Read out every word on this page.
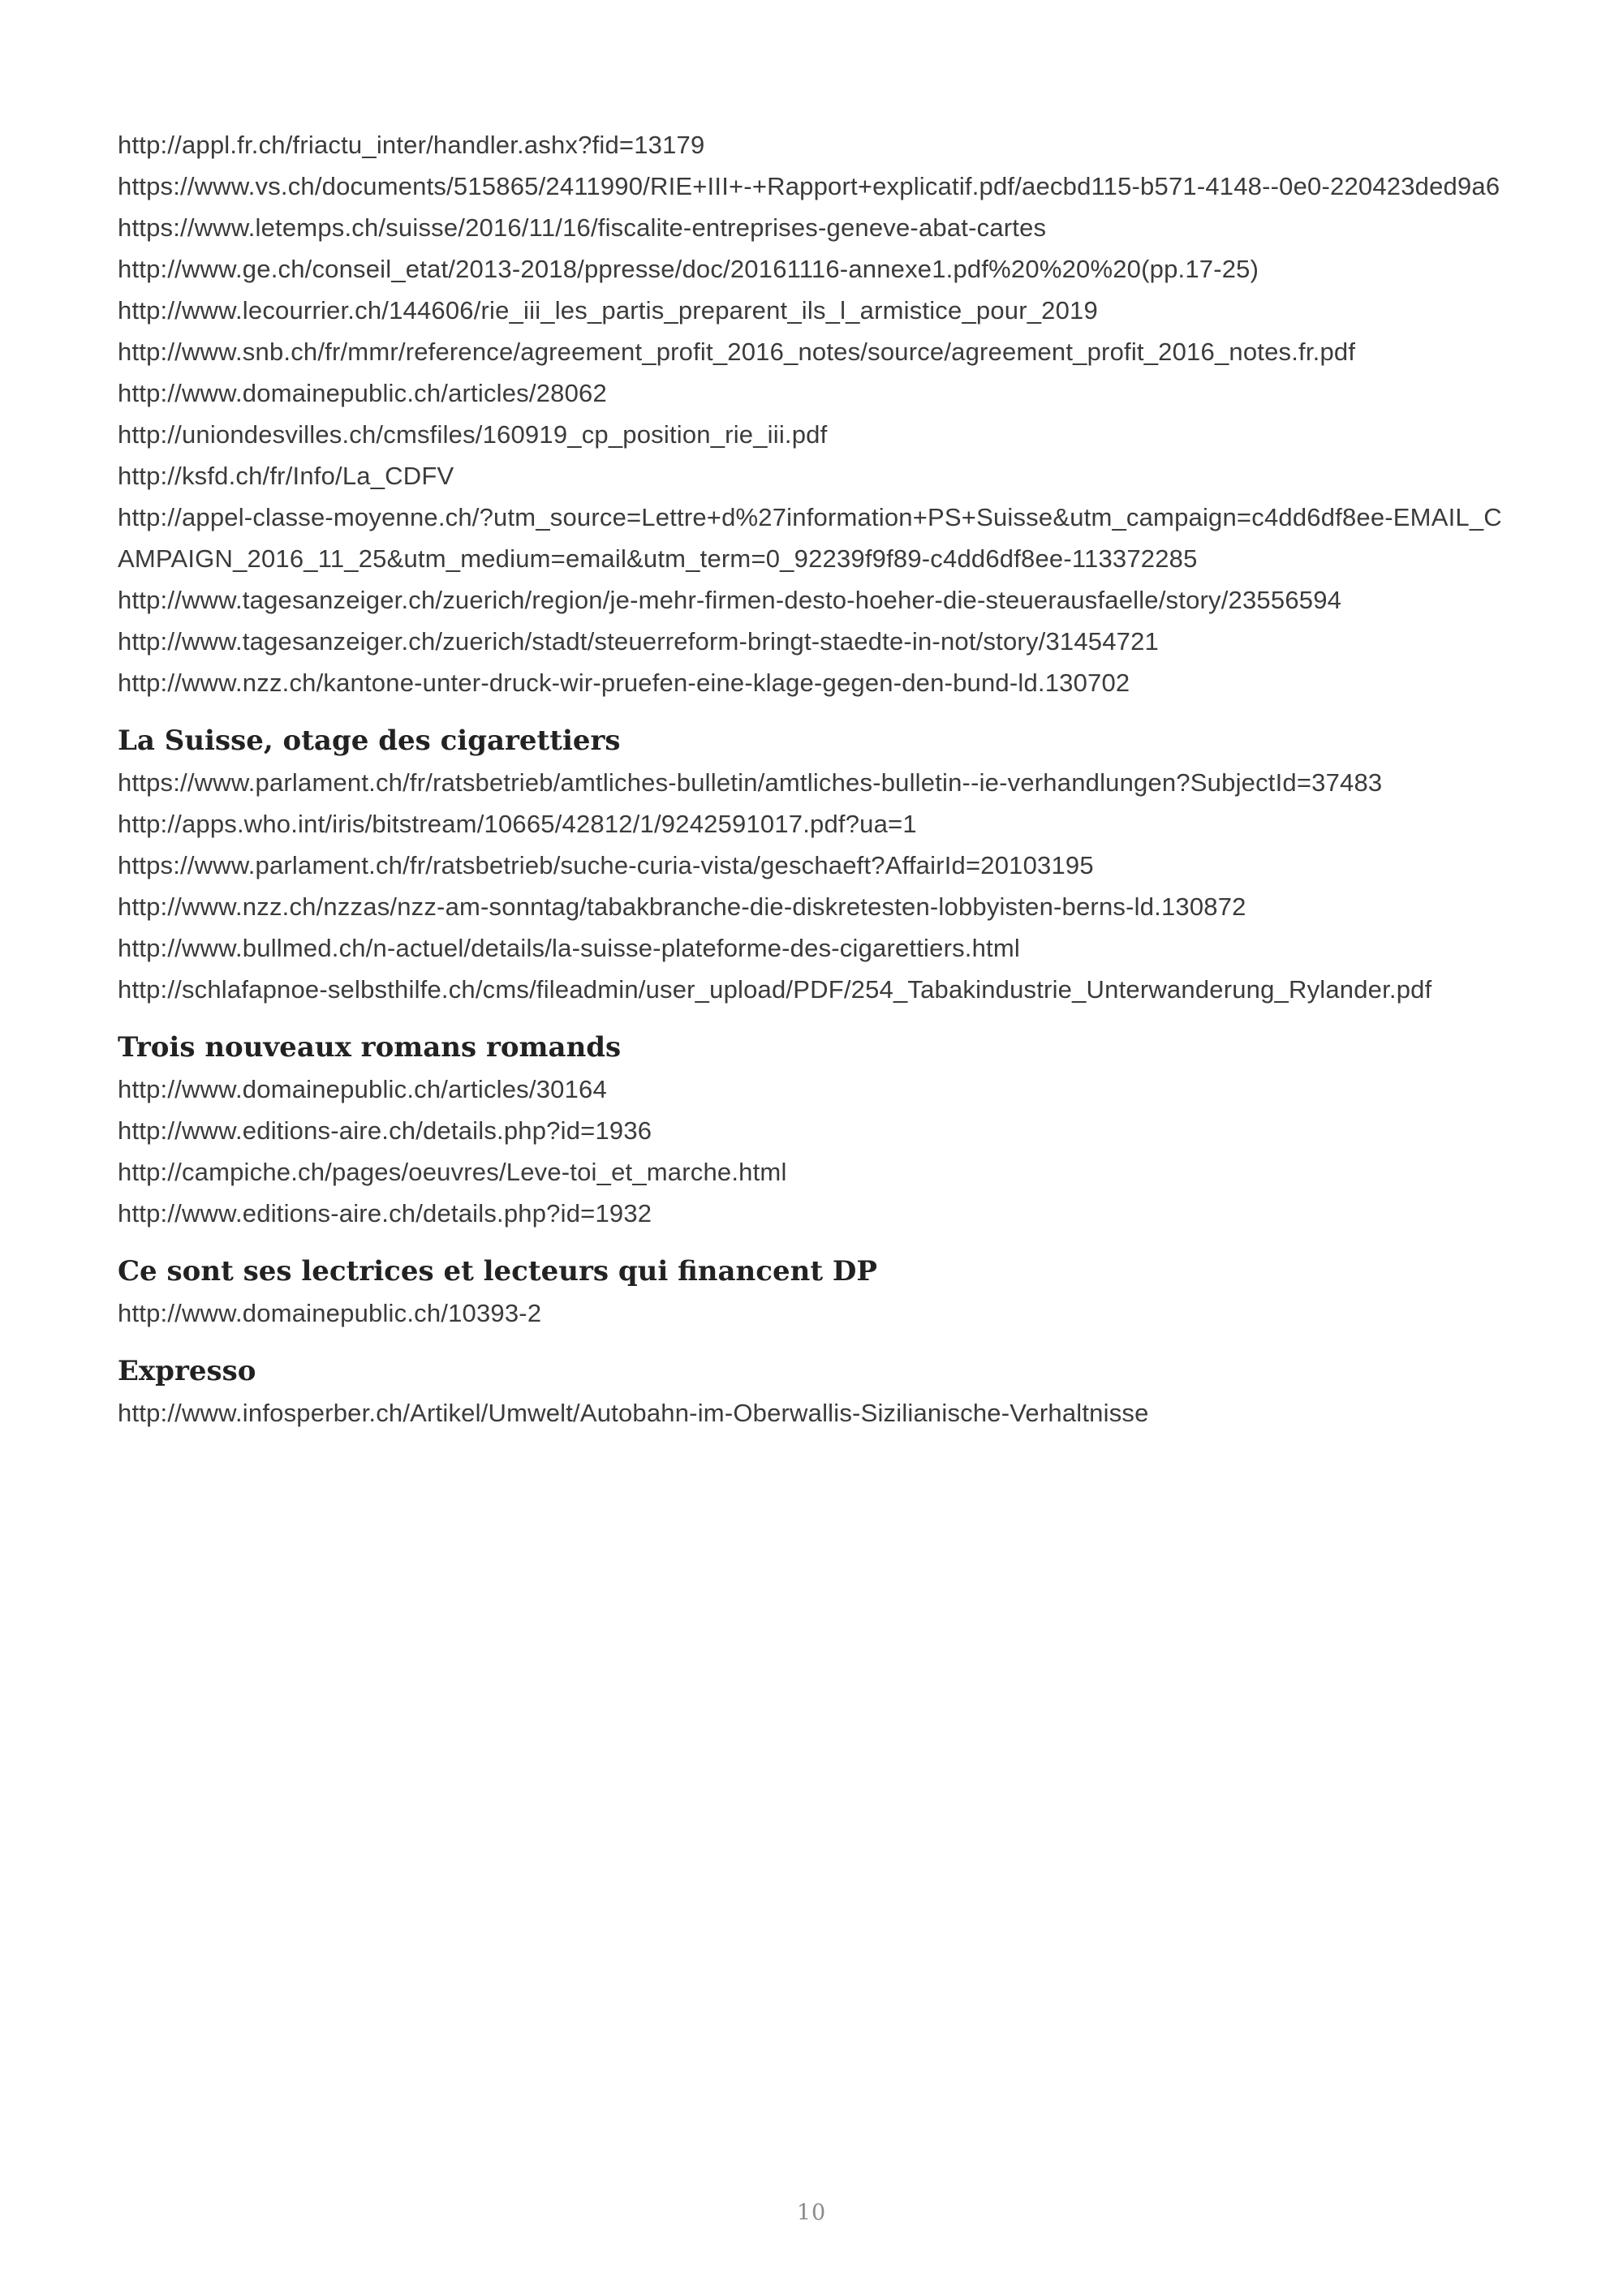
http://appl.fr.ch/friactu_inter/handler.ashx?fid=13179
https://www.vs.ch/documents/515865/2411990/RIE+III+-+Rapport+explicatif.pdf/aecbd115-b571-4148--0e0-220423ded9a6
https://www.letemps.ch/suisse/2016/11/16/fiscalite-entreprises-geneve-abat-cartes
http://www.ge.ch/conseil_etat/2013-2018/ppresse/doc/20161116-annexe1.pdf%20%20%20(pp.17-25)
http://www.lecourrier.ch/144606/rie_iii_les_partis_preparent_ils_l_armistice_pour_2019
http://www.snb.ch/fr/mmr/reference/agreement_profit_2016_notes/source/agreement_profit_2016_notes.fr.pdf
http://www.domainepublic.ch/articles/28062
http://uniondesvilles.ch/cmsfiles/160919_cp_position_rie_iii.pdf
http://ksfd.ch/fr/Info/La_CDFV
http://appel-classe-moyenne.ch/?utm_source=Lettre+d%27information+PS+Suisse&utm_campaign=c4dd6df8ee-EMAIL_CAMPAIGN_2016_11_25&utm_medium=email&utm_term=0_92239f9f89-c4dd6df8ee-113372285
http://www.tagesanzeiger.ch/zuerich/region/je-mehr-firmen-desto-hoeher-die-steuerausfaelle/story/23556594
http://www.tagesanzeiger.ch/zuerich/stadt/steuerreform-bringt-staedte-in-not/story/31454721
http://www.nzz.ch/kantone-unter-druck-wir-pruefen-eine-klage-gegen-den-bund-ld.130702
La Suisse, otage des cigarettiers
https://www.parlament.ch/fr/ratsbetrieb/amtliches-bulletin/amtliches-bulletin--ie-verhandlungen?SubjectId=37483
http://apps.who.int/iris/bitstream/10665/42812/1/9242591017.pdf?ua=1
https://www.parlament.ch/fr/ratsbetrieb/suche-curia-vista/geschaeft?AffairId=20103195
http://www.nzz.ch/nzzas/nzz-am-sonntag/tabakbranche-die-diskretesten-lobbyisten-berns-ld.130872
http://www.bullmed.ch/n-actuel/details/la-suisse-plateforme-des-cigarettiers.html
http://schlafapnoe-selbsthilfe.ch/cms/fileadmin/user_upload/PDF/254_Tabakindustrie_Unterwanderung_Rylander.pdf
Trois nouveaux romans romands
http://www.domainepublic.ch/articles/30164
http://www.editions-aire.ch/details.php?id=1936
http://campiche.ch/pages/oeuvres/Leve-toi_et_marche.html
http://www.editions-aire.ch/details.php?id=1932
Ce sont ses lectrices et lecteurs qui financent DP
http://www.domainepublic.ch/10393-2
Expresso
http://www.infosperber.ch/Artikel/Umwelt/Autobahn-im-Oberwallis-Sizilianische-Verhaltnisse
10
